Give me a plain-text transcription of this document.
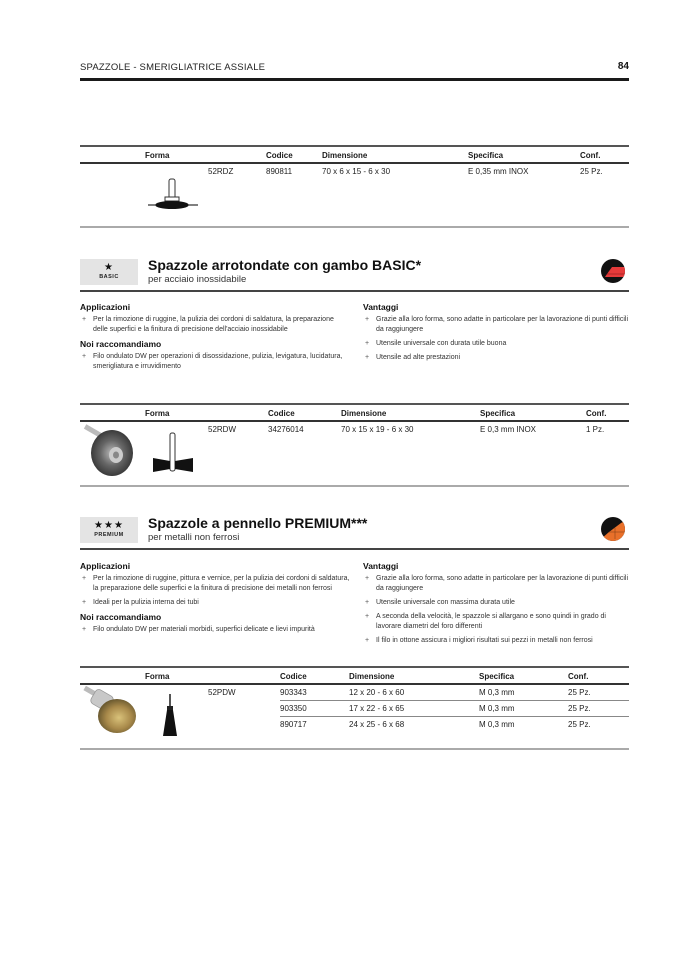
SPAZZOLE - SMERIGLIATRICE ASSIALE	84
Forma	Codice	Dimensione	Specifica	Conf.
52RDZ	890811	70 x 6 x 15 - 6 x 30	E 0,35 mm INOX	25 Pz.
★
BASIC
Spazzole arrotondate con gambo BASIC*
per acciaio inossidabile
Applicazioni
+ Per la rimozione di ruggine, la pulizia dei cordoni di saldatura, la preparazione delle superfici e la finitura di precisione dell'acciaio inossidabile
Noi raccomandiamo
+ Filo ondulato DW per operazioni di disossidazione, pulizia, levigatura, lucidatura, smerigliatura e irruvidimento
Vantaggi
+ Grazie alla loro forma, sono adatte in particolare per la lavorazione di punti difficili da raggiungere
+ Utensile universale con durata utile buona
+ Utensile ad alte prestazioni
Forma	Codice	Dimensione	Specifica	Conf.
52RDW	34276014	70 x 15 x 19 - 6 x 30	E 0,3 mm INOX	1 Pz.
★★★
PREMIUM
Spazzole a pennello PREMIUM***
per metalli non ferrosi
Applicazioni
+ Per la rimozione di ruggine, pittura e vernice, per la pulizia dei cordoni di saldatura, la preparazione delle superfici e la finitura di precisione dei metalli non ferrosi
+ Ideali per la pulizia interna dei tubi
Noi raccomandiamo
+ Filo ondulato DW per materiali morbidi, superfici delicate e lievi impurità
Vantaggi
+ Grazie alla loro forma, sono adatte in particolare per la lavorazione di punti difficili da raggiungere
+ Utensile universale con massima durata utile
+ A seconda della velocità, le spazzole si allargano e sono quindi in grado di lavorare diametri del foro differenti
+ Il filo in ottone assicura i migliori risultati sui pezzi in metalli non ferrosi
Forma	Codice	Dimensione	Specifica	Conf.
52PDW	903343	12 x 20 - 6 x 60	M 0,3 mm	25 Pz.
903350	17 x 22 - 6 x 65	M 0,3 mm	25 Pz.
890717	24 x 25 - 6 x 68	M 0,3 mm	25 Pz.
